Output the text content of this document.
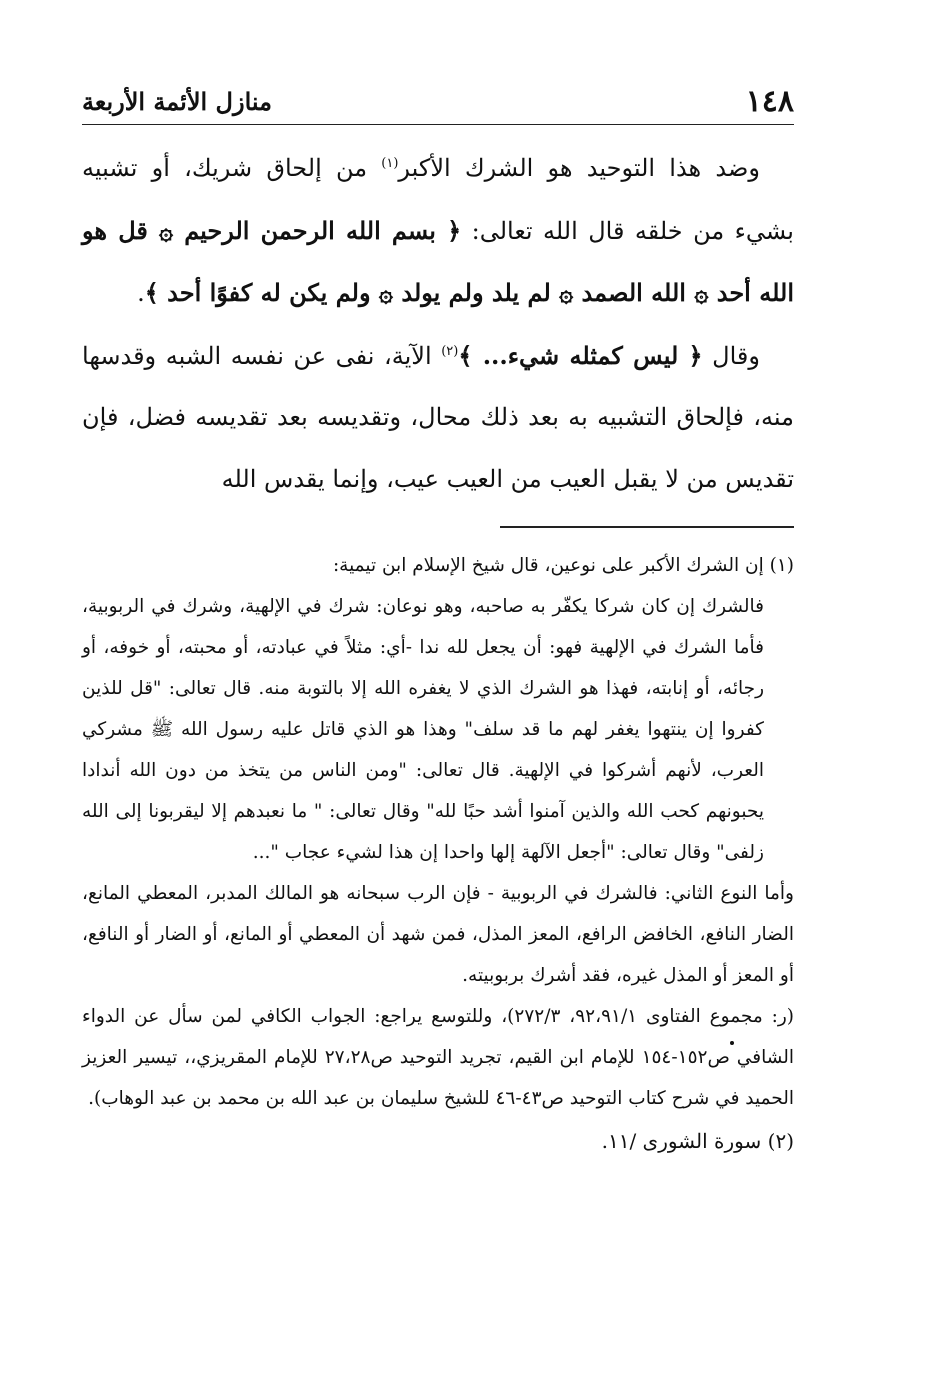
١٤٨
منازل الأئمة الأربعة

وضد هذا التوحيد هو الشرك الأكبر$^{(١)}$ من إلحاق شريك، أو تشبيه بشيء من خلقه قال الله تعالى: ﴿ بسم الله الرحمن الرحيم ۞ قل هو الله أحد ۞ الله الصمد ۞ لم يلد ولم يولد ۞ ولم يكن له كفوًا أحد ﴾.

وقال ﴿ ليس كمثله شيء... ﴾$^{(٢)}$ الآية، نفى عن نفسه الشبه وقدسها منه، فإلحاق التشبيه به بعد ذلك محال، وتقديسه بعد تقديسه فضل، فإن تقديس من لا يقبل العيب من العيب عيب، وإنما يقدس الله

(١) إن الشرك الأكبر على نوعين، قال شيخ الإسلام ابن تيمية:

فالشرك إن كان شركا يكفّر به صاحبه، وهو نوعان: شرك في الإلهية، وشرك في الربوبية، فأما الشرك في الإلهية فهو: أن يجعل لله ندا -أي: مثلاً في عبادته، أو محبته، أو خوفه، أو رجائه، أو إنابته، فهذا هو الشرك الذي لا يغفره الله إلا بالتوبة منه. قال تعالى: "قل للذين كفروا إن ينتهوا يغفر لهم ما قد سلف" وهذا هو الذي قاتل عليه رسول الله ﷺ مشركي العرب، لأنهم أشركوا في الإلهية. قال تعالى: "ومن الناس من يتخذ من دون الله أندادا يحبونهم كحب الله والذين آمنوا أشد حبًا لله" وقال تعالى: " ما نعبدهم إلا ليقربونا إلى الله زلفى" وقال تعالى: "أجعل الآلهة إلها واحدا إن هذا لشيء عجاب "...

وأما النوع الثاني: فالشرك في الربوبية - فإن الرب سبحانه هو المالك المدبر، المعطي المانع، الضار النافع، الخافض الرافع، المعز المذل، فمن شهد أن المعطي أو المانع، أو الضار أو النافع، أو المعز أو المذل غيره، فقد أشرك بربوبيته.

(ر: مجموع الفتاوى ٩٢،٩١/١، ٢٧٢/٣)، وللتوسع يراجع: الجواب الكافي لمن سأل عن الدواء الشافي ص١٥٢-١٥٤ للإمام ابن القيم، تجريد التوحيد ص٢٧،٢٨ للإمام المقريزي،، تيسير العزيز الحميد في شرح كتاب التوحيد ص٤٣-٤٦ للشيخ سليمان بن عبد الله بن محمد بن عبد الوهاب).

(٢) سورة الشورى /١١.
